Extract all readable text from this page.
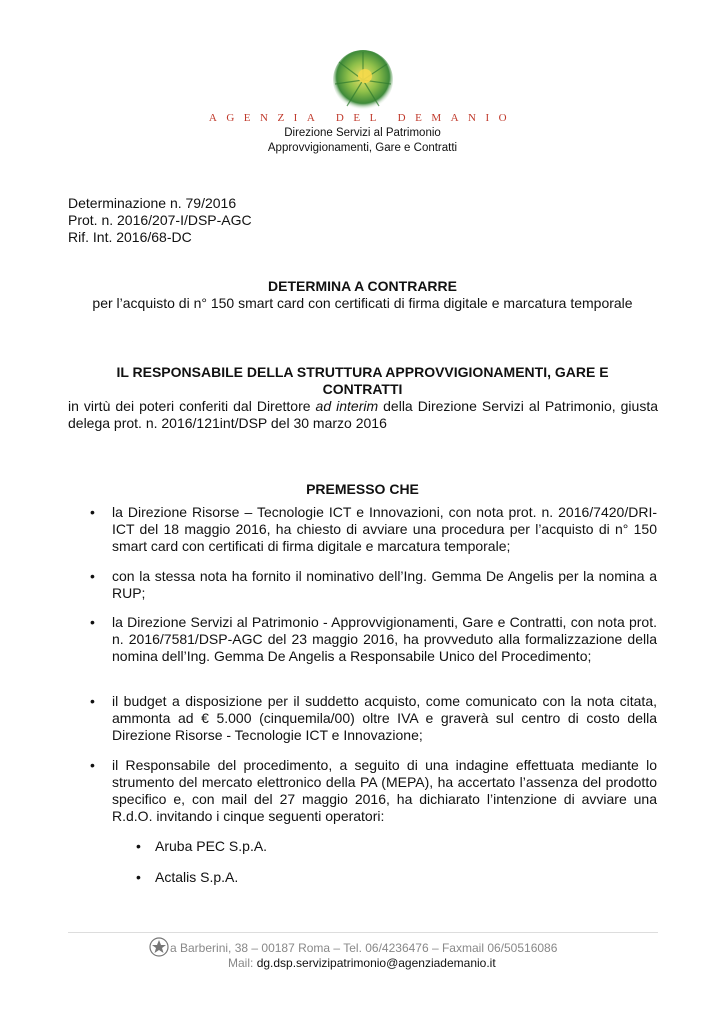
AGENZIA DEL DEMANIO
Direzione Servizi al Patrimonio
Approvvigionamenti, Gare e Contratti
Determinazione n. 79/2016
Prot. n. 2016/207-I/DSP-AGC
Rif. Int. 2016/68-DC
DETERMINA A CONTRARRE
per l’acquisto di n° 150 smart card con certificati di firma digitale e marcatura temporale
IL RESPONSABILE DELLA STRUTTURA APPROVVIGIONAMENTI, GARE E
CONTRATTI
in virtù dei poteri conferiti dal Direttore ad interim della Direzione Servizi al Patrimonio, giusta delega prot. n. 2016/121int/DSP del 30 marzo 2016
PREMESSO CHE
• la Direzione Risorse – Tecnologie ICT e Innovazioni, con nota prot. n. 2016/7420/DRI-ICT del 18 maggio 2016, ha chiesto di avviare una procedura per l’acquisto di n° 150 smart card con certificati di firma digitale e marcatura temporale;
• con la stessa nota ha fornito il nominativo dell’Ing. Gemma De Angelis per la nomina a RUP;
• la Direzione Servizi al Patrimonio - Approvvigionamenti, Gare e Contratti, con nota prot. n. 2016/7581/DSP-AGC del 23 maggio 2016, ha provveduto alla formalizzazione della nomina dell’Ing. Gemma De Angelis a Responsabile Unico del Procedimento;
• il budget a disposizione per il suddetto acquisto, come comunicato con la nota citata, ammonta ad € 5.000 (cinquemila/00) oltre IVA e graverà sul centro di costo della Direzione Risorse - Tecnologie ICT e Innovazione;
• il Responsabile del procedimento, a seguito di una indagine effettuata mediante lo strumento del mercato elettronico della PA (MEPA), ha accertato l’assenza del prodotto specifico e, con mail del 27 maggio 2016, ha dichiarato l’intenzione di avviare una R.d.O. invitando i cinque seguenti operatori:
• Aruba PEC S.p.A.
• Actalis S.p.A.
a Barberini, 38 – 00187 Roma – Tel. 06/4236476 – Faxmail 06/50516086
Mail: dg.dsp.servizipatrimonio@agenziademanio.it
